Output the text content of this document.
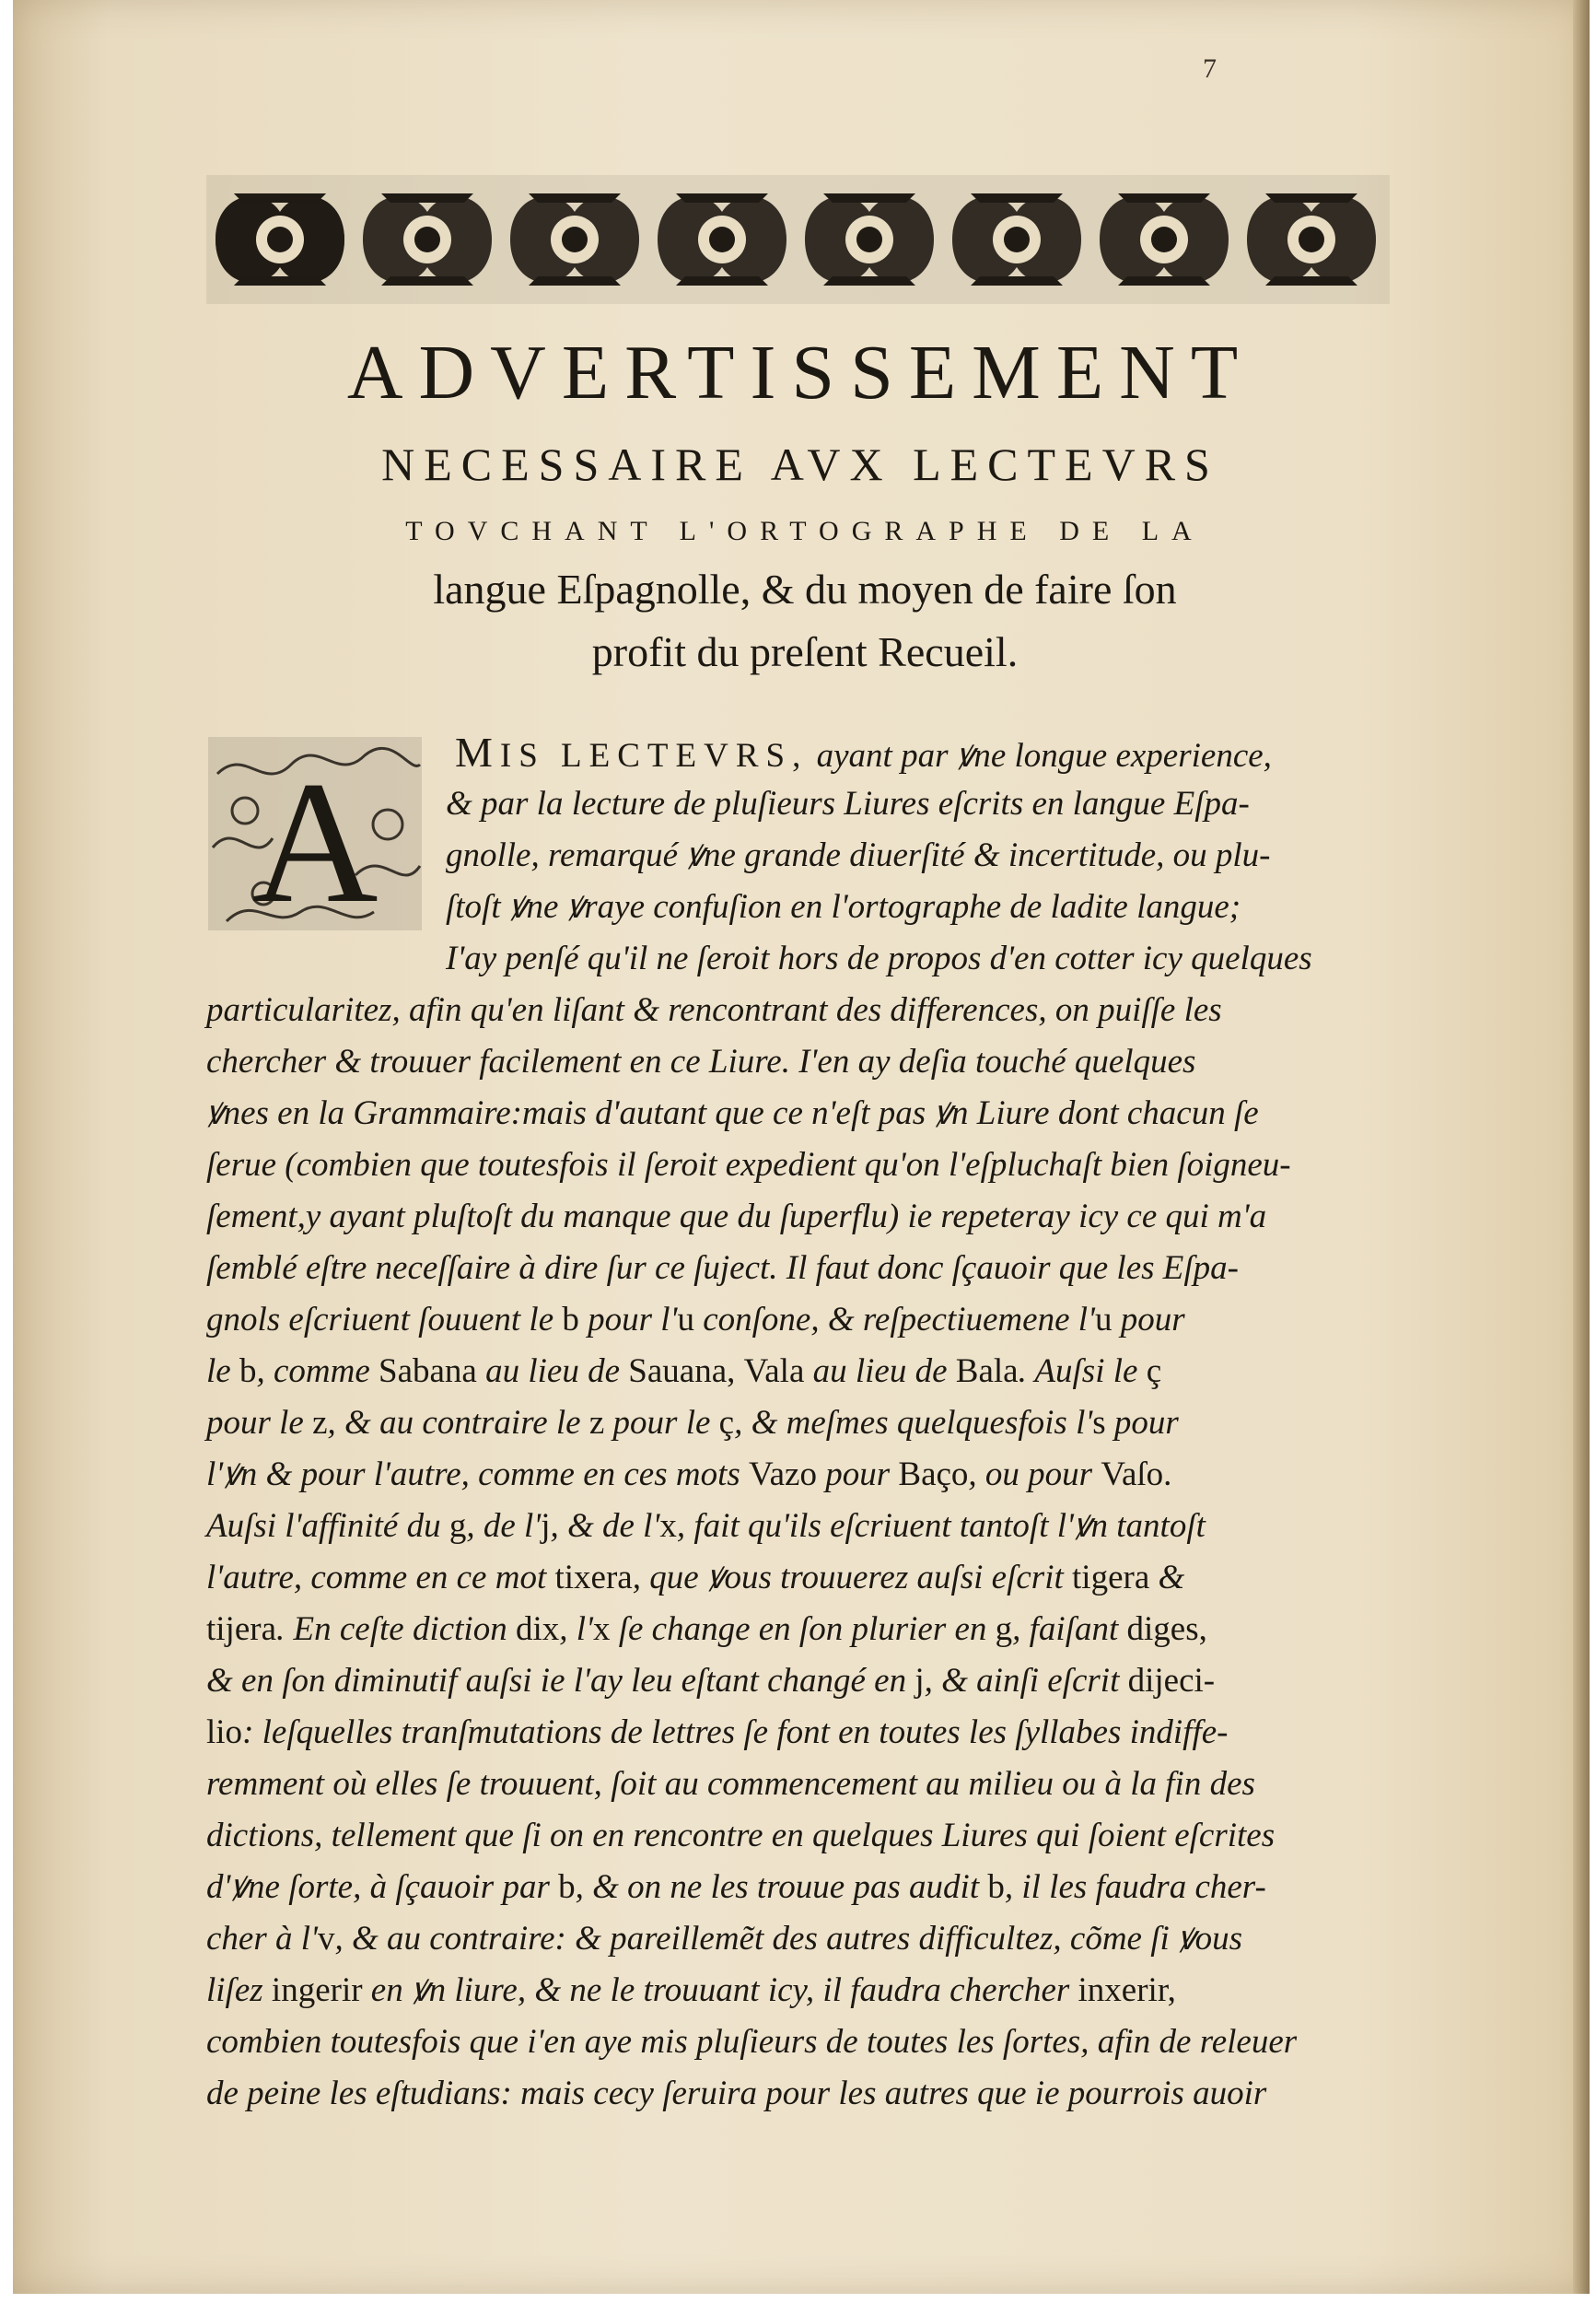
7
ADVERTISSEMENT
NECESSAIRE AVX LECTEVRS
TOVCHANT L'ORTOGRAPHE DE LA
langue Eſpagnolle, & du moyen de faire ſon
profit du preſent Recueil.
A MIS LECTEVRS, ayant par ꝟne longue experience,
& par la lecture de pluſieurs Liures eſcrits en langue Eſpa-
gnolle, remarqué ꝟne grande diuerſité & incertitude, ou plu-
ſtoſt ꝟne ꝟraye confuſion en l'ortographe de ladite langue;
I'ay penſé qu'il ne ſeroit hors de propos d'en cotter icy quelques
particularitez, afin qu'en liſant & rencontrant des differences, on puiſſe les
chercher & trouuer facilement en ce Liure. I'en ay deſia touché quelques
ꝟnes en la Grammaire:mais d'autant que ce n'eſt pas ꝟn Liure dont chacun ſe
ſerue (combien que toutesfois il ſeroit expedient qu'on l'eſpluchaſt bien ſoigneu-
ſement,y ayant pluſtoſt du manque que du ſuperflu) ie repeteray icy ce qui m'a
ſemblé eſtre neceſſaire à dire ſur ce ſuject. Il faut donc ſçauoir que les Eſpa-
gnols eſcriuent ſouuent le b pour l'u conſone, & reſpectiuemene l'u pour
le b, comme Sabana au lieu de Sauana, Vala au lieu de Bala. Auſsi le ç
pour le z, & au contraire le z pour le ç, & meſmes quelquesfois l's pour
l'ꝟn & pour l'autre, comme en ces mots Vazo pour Baço, ou pour Vaſo.
Auſsi l'affinité du g, de l'j, & de l'x, fait qu'ils eſcriuent tantoſt l'ꝟn tantoſt
l'autre, comme en ce mot tixera, que ꝟous trouuerez auſsi eſcrit tigera &
tijera. En ceſte diction dix, l'x ſe change en ſon plurier en g, faiſant diges,
& en ſon diminutif auſsi ie l'ay leu eſtant changé en j, & ainſi eſcrit dijeci-
lio: leſquelles tranſmutations de lettres ſe font en toutes les ſyllabes indiffe-
remment où elles ſe trouuent, ſoit au commencement au milieu ou à la fin des
dictions, tellement que ſi on en rencontre en quelques Liures qui ſoient eſcrites
d'ꝟne ſorte, à ſçauoir par b, & on ne les trouue pas audit b, il les faudra cher-
cher à l'v, & au contraire: & pareillemẽt des autres difficultez, cõme ſi ꝟous
liſez ingerir en ꝟn liure, & ne le trouuant icy, il faudra chercher inxerir,
combien toutesfois que i'en aye mis pluſieurs de toutes les ſortes, afin de releuer
de peine les eſtudians: mais cecy ſeruira pour les autres que ie pourrois auoir
